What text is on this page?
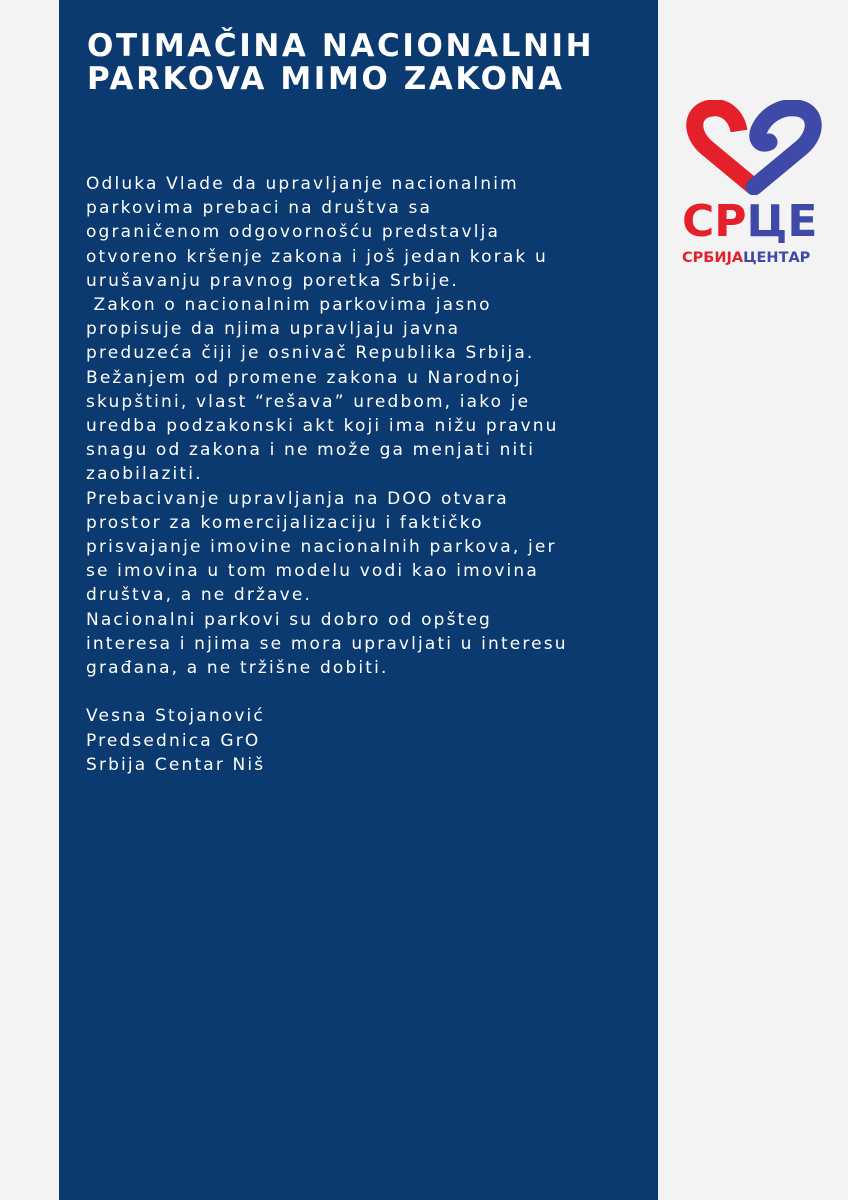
OTIMAČINA NACIONALNIH
PARKOVA MIMO ZAKONA
Odluka Vlade da upravljanje nacionalnim
parkovima prebaci na društva sa
ograničenom odgovornošću predstavlja
otvoreno kršenje zakona i još jedan korak u
urušavanju pravnog poretka Srbije.
Zakon o nacionalnim parkovima jasno
propisuje da njima upravljaju javna
preduzeća čiji je osnivač Republika Srbija.
Bežanjem od promene zakona u Narodnoj
skupštini, vlast “rešava” uredbom, iako je
uredba podzakonski akt koji ima nižu pravnu
snagu od zakona i ne može ga menjati niti
zaobilaziti.
Prebacivanje upravljanja na DOO otvara
prostor za komercijalizaciju i faktičko
prisvajanje imovine nacionalnih parkova, jer
se imovina u tom modelu vodi kao imovina
društva, a ne države.
Nacionalni parkovi su dobro od opšteg
interesa i njima se mora upravljati u interesu
građana, a ne tržišne dobiti.
Vesna Stojanović
Predsednica GrO
Srbija Centar Niš
СРЦЕ
СРБИЈАЦЕНТАР
